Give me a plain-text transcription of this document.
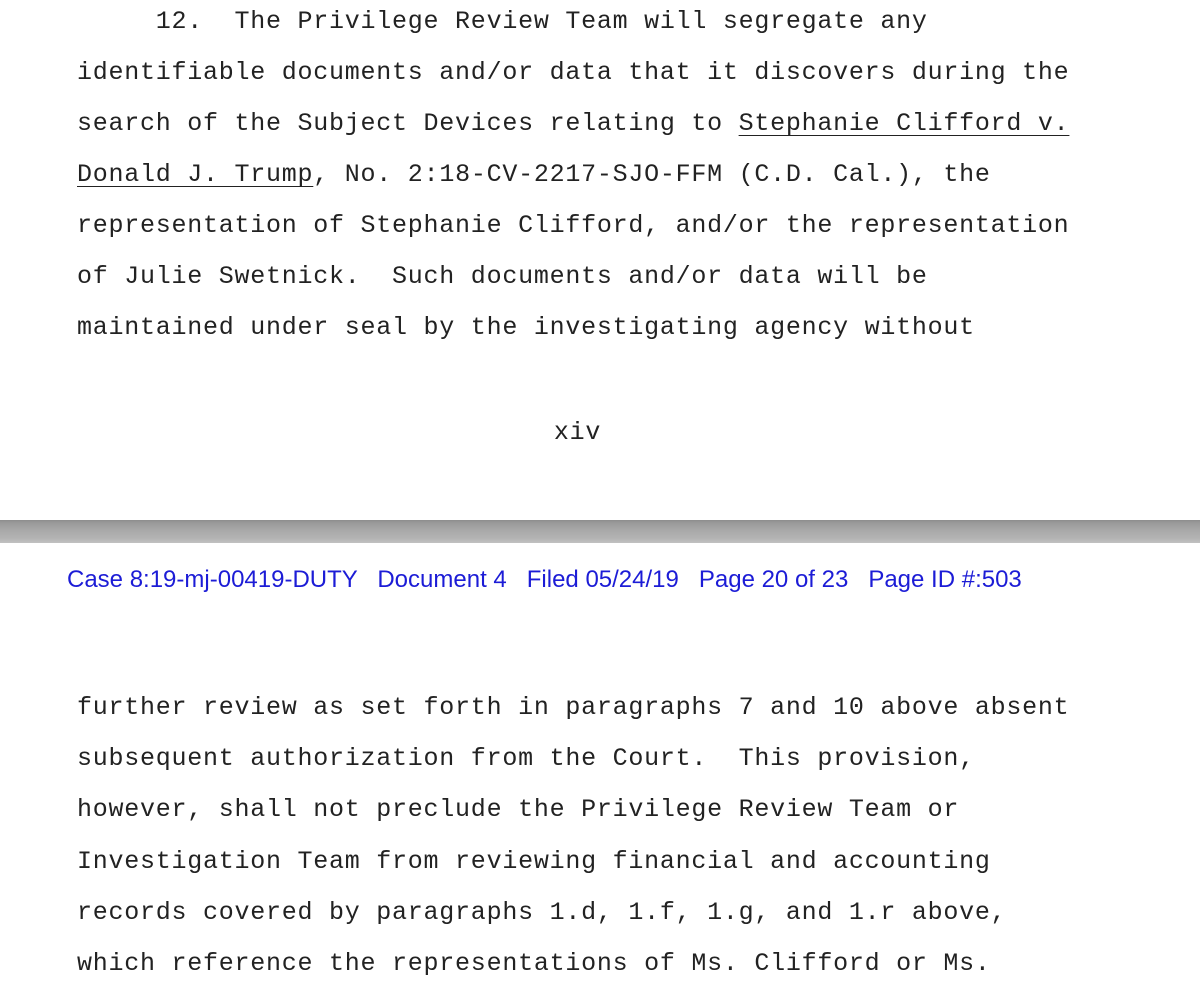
12.  The Privilege Review Team will segregate any

identifiable documents and/or data that it discovers during the

search of the Subject Devices relating to Stephanie Clifford v.

Donald J. Trump, No. 2:18-CV-2217-SJO-FFM (C.D. Cal.), the

representation of Stephanie Clifford, and/or the representation

of Julie Swetnick.  Such documents and/or data will be

maintained under seal by the investigating agency without

xiv

Case 8:19-mj-00419-DUTY   Document 4   Filed 05/24/19   Page 20 of 23   Page ID #:503

further review as set forth in paragraphs 7 and 10 above absent

subsequent authorization from the Court.  This provision,

however, shall not preclude the Privilege Review Team or

Investigation Team from reviewing financial and accounting

records covered by paragraphs 1.d, 1.f, 1.g, and 1.r above,

which reference the representations of Ms. Clifford or Ms.
